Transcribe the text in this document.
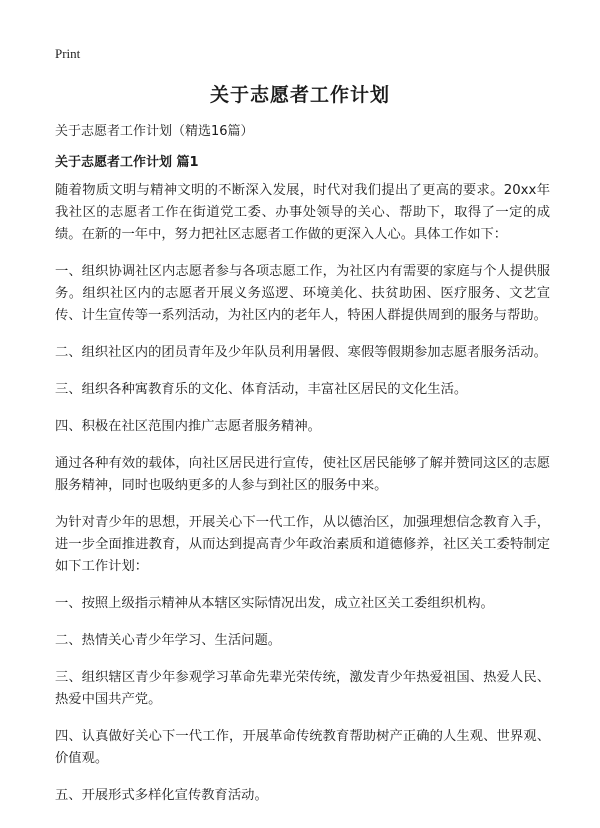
Print
关于志愿者工作计划

关于志愿者工作计划（精选16篇）

关于志愿者工作计划 篇1

随着物质文明与精神文明的不断深入发展，时代对我们提出了更高的要求。20xx年我社区的志愿者工作在街道党工委、办事处领导的关心、帮助下，取得了一定的成绩。在新的一年中，努力把社区志愿者工作做的更深入人心。具体工作如下：

一、组织协调社区内志愿者参与各项志愿工作，为社区内有需要的家庭与个人提供服务。组织社区内的志愿者开展义务巡逻、环境美化、扶贫助困、医疗服务、文艺宣传、计生宣传等一系列活动，为社区内的老年人，特困人群提供周到的服务与帮助。

二、组织社区内的团员青年及少年队员利用暑假、寒假等假期参加志愿者服务活动。

三、组织各种寓教育乐的文化、体育活动，丰富社区居民的文化生活。

四、积极在社区范围内推广志愿者服务精神。

通过各种有效的载体，向社区居民进行宣传，使社区居民能够了解并赞同这区的志愿服务精神，同时也吸纳更多的人参与到社区的服务中来。

为针对青少年的思想，开展关心下一代工作，从以德治区，加强理想信念教育入手，进一步全面推进教育，从而达到提高青少年政治素质和道德修养，社区关工委特制定如下工作计划：

一、按照上级指示精神从本辖区实际情况出发，成立社区关工委组织机构。

二、热情关心青少年学习、生活问题。

三、组织辖区青少年参观学习革命先辈光荣传统，激发青少年热爱祖国、热爱人民、热爱中国共产党。

四、认真做好关心下一代工作，开展革命传统教育帮助树产正确的人生观、世界观、价值观。

五、开展形式多样化宣传教育活动。
